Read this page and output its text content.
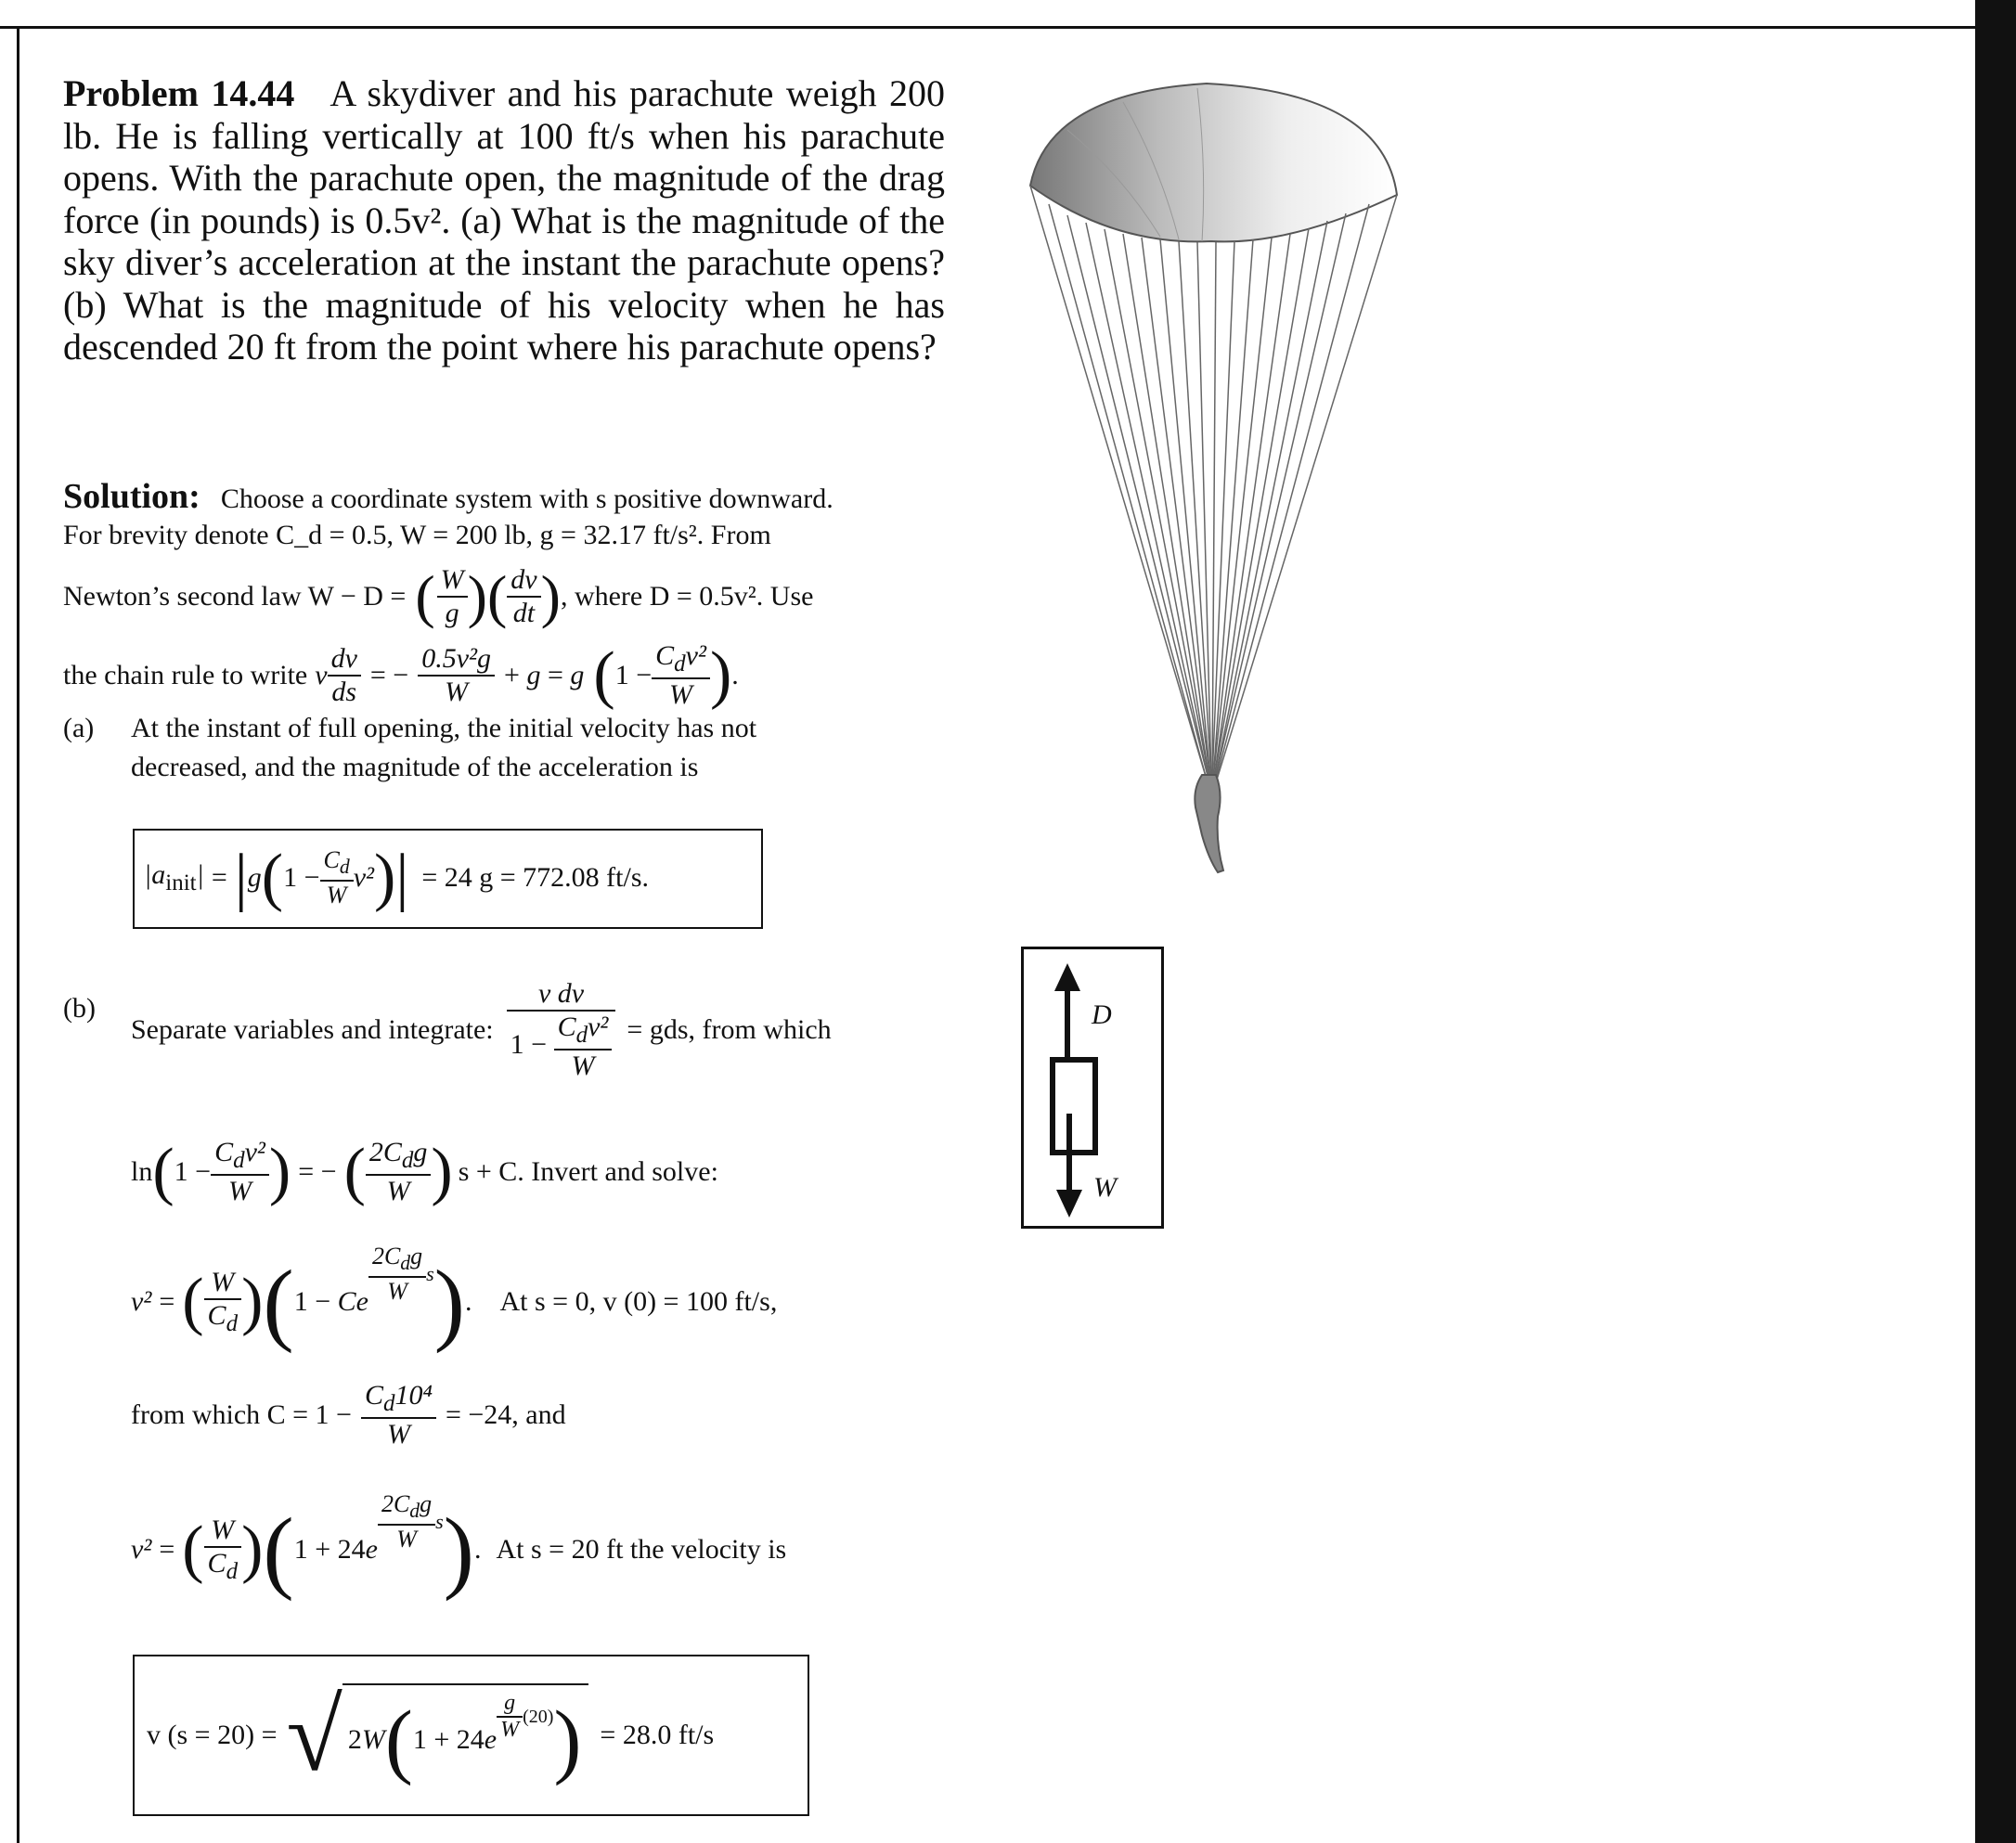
Problem 14.44 A skydiver and his parachute weigh 200 lb. He is falling vertically at 100 ft/s when his parachute opens. With the parachute open, the magnitude of the drag force (in pounds) is 0.5v². (a) What is the magnitude of the sky diver’s acceleration at the instant the parachute opens? (b) What is the magnitude of his velocity when he has descended 20 ft from the point where his parachute opens?
Solution: Choose a coordinate system with s positive downward.
For brevity denote C_d = 0.5, W = 200 lb, g = 32.17 ft/s². From
Newton’s second law W − D = ( $\frac{W}{g}$ ) ( $\frac{dv}{dt}$ ) , where D = 0.5v². Use
the chain rule to write v $\frac{dv}{ds}$ = − $\frac{\text{0.5v²g}}{W} + g = g$ ( $1 - \frac{C_dv^2}{W}$ ) .
(a) At the instant of full opening, the initial velocity has not
decreased, and the magnitude of the acceleration is
$|a_{init}|$ = | g ( $1 - \frac{C_d}{W} v^2$ ) | = 24 g = 772.08 ft/s.
(b)
Separate variables and integrate: $\frac{\text{v dv}}{1 - \frac{C_dv^2}{W}}$ = gds, from which
ln ( $1 - \frac{C_dv^2}{W}$ ) = − ( $\frac{2C_dg}{W}$ ) s + C. Invert and solve:
v² = ( $\frac{W}{C_d}$ ) ( 1 − Ce $\frac{2C_dg}{W}$ s ) . At s = 0, v (0) = 100 ft/s,
from which $C = 1 - \frac{C_d10^4}{W} = -24$, and
v² = ( $\frac{W}{C_d}$ ) ( $1 + 24e \frac{2C_dg}{W}$ s ) . At s = 20 ft the velocity is
v (s = 20) = √ 2W ( $1 + 24e \frac{g}{W} (20)$ ) = 28.0 ft/s
D
W
